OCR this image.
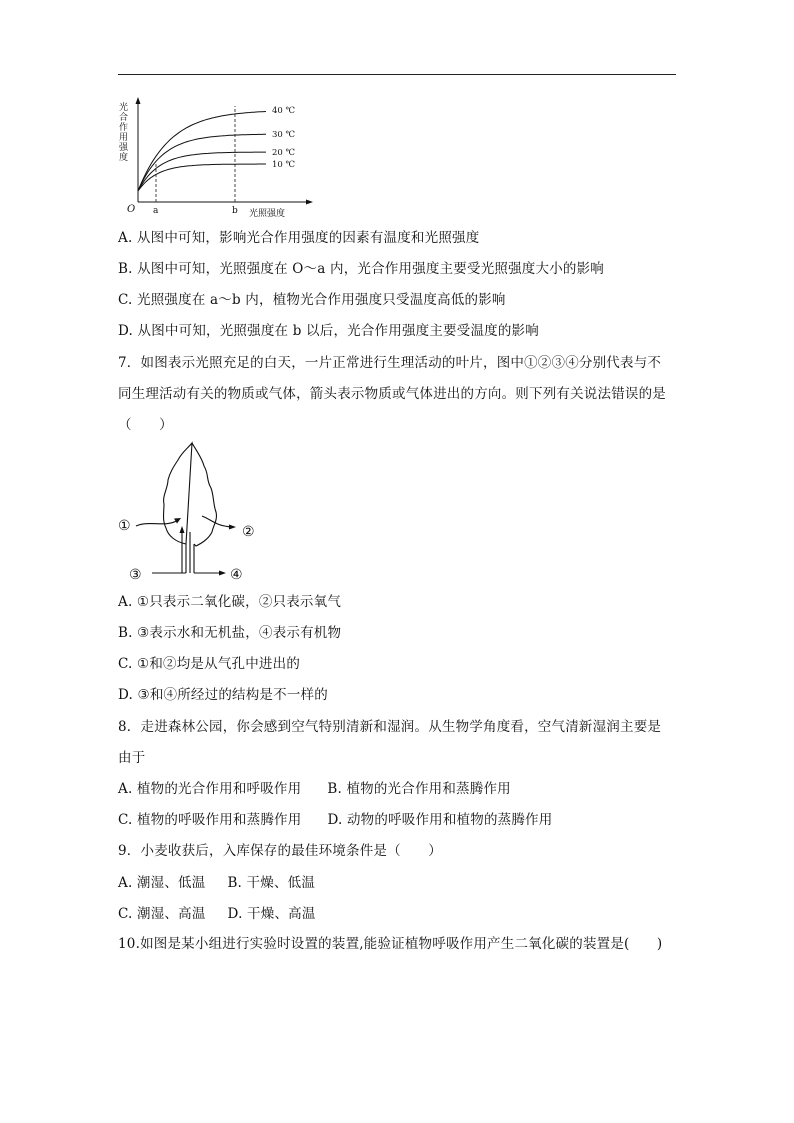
光
合
作
用
强
度
O a	b 光照强度
40 ℃
30 ℃
20 ℃
10 ℃
A. 从图中可知，影响光合作用强度的因素有温度和光照强度
B. 从图中可知，光照强度在 O～a 内，光合作用强度主要受光照强度大小的影响
C. 光照强度在 a～b 内，植物光合作用强度只受温度高低的影响
D. 从图中可知，光照强度在 b 以后，光合作用强度主要受温度的影响
7．如图表示光照充足的白天，一片正常进行生理活动的叶片，图中①②③④分别代表与不
同生理活动有关的物质或气体，箭头表示物质或气体进出的方向。则下列有关说法错误的是
（　　）
①	②
③	④
A. ①只表示二氧化碳，②只表示氧气
B. ③表示水和无机盐，④表示有机物
C. ①和②均是从气孔中进出的
D. ③和④所经过的结构是不一样的
8．走进森林公园，你会感到空气特别清新和湿润。从生物学角度看，空气清新湿润主要是
由于
A. 植物的光合作用和呼吸作用 B. 植物的光合作用和蒸腾作用
C. 植物的呼吸作用和蒸腾作用 D. 动物的呼吸作用和植物的蒸腾作用
9．小麦收获后，入库保存的最佳环境条件是（　　）
A. 潮湿、低温 B. 干燥、低温
C. 潮湿、高温 D. 干燥、高温
10.如图是某小组进行实验时设置的装置,能验证植物呼吸作用产生二氧化碳的装置是(　　)
